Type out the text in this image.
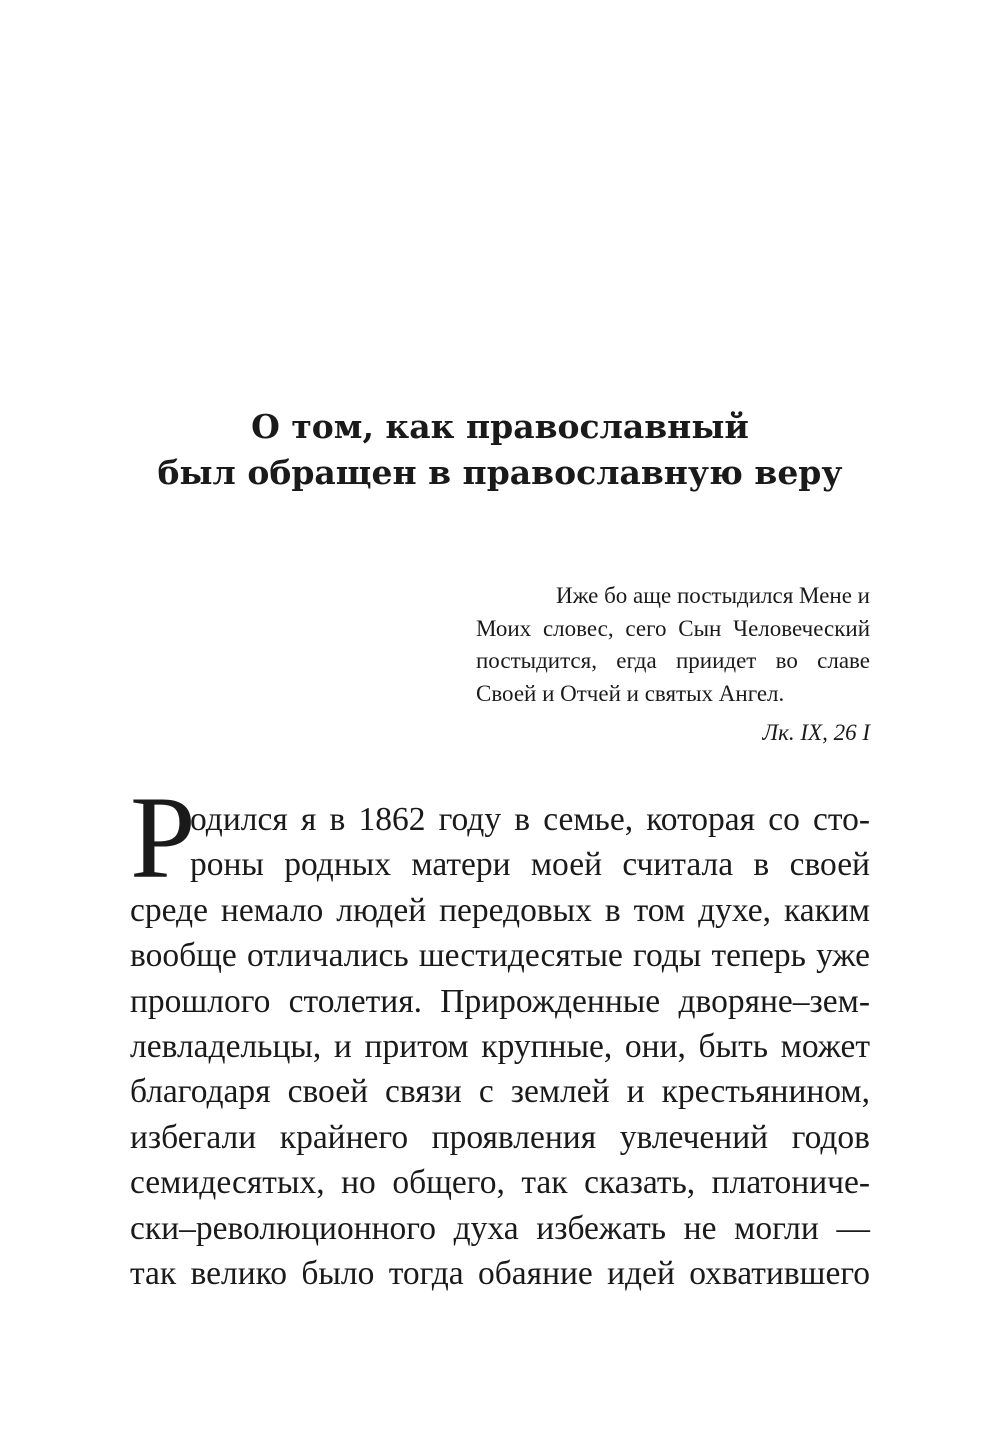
О том, как православный
был обращен в православную веру
Иже бо аще постыдился Мене и
Моих словес, сего Сын Человеческий
постыдится, егда приидет во славе
Своей и Отчей и святых Ангел.
Лк. IX, 26 I
Р
одился я в 1862 году в семье, которая со сто-
роны родных матери моей считала в своей
среде немало людей передовых в том духе, каким
вообще отличались шестидесятые годы теперь уже
прошлого столетия. Прирожденные дворяне–зем-
левладельцы, и притом крупные, они, быть может
благодаря своей связи с землей и крестьянином,
избегали крайнего проявления увлечений годов
семидесятых, но общего, так сказать, платониче-
ски–революционного духа избежать не могли —
так велико было тогда обаяние идей охватившего
